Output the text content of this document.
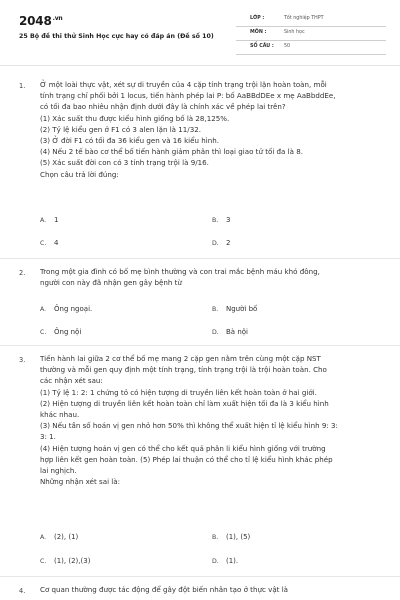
$2048^{.vn}$
25 Bộ đề thi thử Sinh Học cực hay có đáp án (Đề số 10)
LỚP :	Tốt nghiệp THPT
MÔN :	Sinh học
SỐ CÂU : 50
1. Ở một loài thực vật, xét sự di truyền của 4 cặp tính trạng trội lặn hoàn toàn, mỗi
tính trạng chỉ phối bởi 1 locus, tiến hành phép lai P: bố AaBBdDEe x mẹ AaBbddEe,
có tối đa bao nhiêu nhận định dưới đây là chính xác về phép lai trên?
(1) Xác suất thu được kiểu hình giống bố là 28,125%.
(2) Tỷ lệ kiểu gen ở F1 có 3 alen lặn là 11/32.
(3) Ở đời F1 có tối đa 36 kiểu gen và 16 kiểu hình.
(4) Nếu 2 tế bào cơ thể bố tiến hành giảm phân thì loại giao tử tối đa là 8.
(5) Xác suất đời con có 3 tính trạng trội là 9/16.
Chọn câu trả lời đúng:
A. 1	B. 3
C. 4	D. 2
2. Trong một gia đình có bố mẹ bình thường và con trai mắc bệnh máu khó đông,
người con này đã nhận gen gây bệnh từ
A. Ông ngoại.	B. Người bố
C. Ông nội	D. Bà nội
3. Tiến hành lai giữa 2 cơ thể bố mẹ mang 2 cặp gen nằm trên cùng một cặp NST
thường và mỗi gen quy định một tính trạng, tính trạng trội là trội hoàn toàn. Cho
các nhận xét sau:
(1) Tỷ lệ 1: 2: 1 chứng tỏ có hiện tượng di truyền liên kết hoàn toàn ở hai giới.
(2) Hiện tượng di truyền liên kết hoàn toàn chỉ làm xuất hiện tối đa là 3 kiểu hình
khác nhau.
(3) Nếu tần số hoán vị gen nhỏ hơn 50% thì không thể xuất hiện tỉ lệ kiểu hình 9: 3:
3: 1.
(4) Hiện tượng hoán vị gen có thể cho kết quả phân li kiểu hình giống với trường
hợp liên kết gen hoàn toàn. (5) Phép lai thuận có thể cho tỉ lệ kiểu hình khác phép
lai nghịch.
Những nhận xét sai là:
A. (2), (1)	B. (1), (5)
C. (1), (2),(3)	D. (1).
4. Cơ quan thường được tác động để gây đột biến nhân tạo ở thực vật là
